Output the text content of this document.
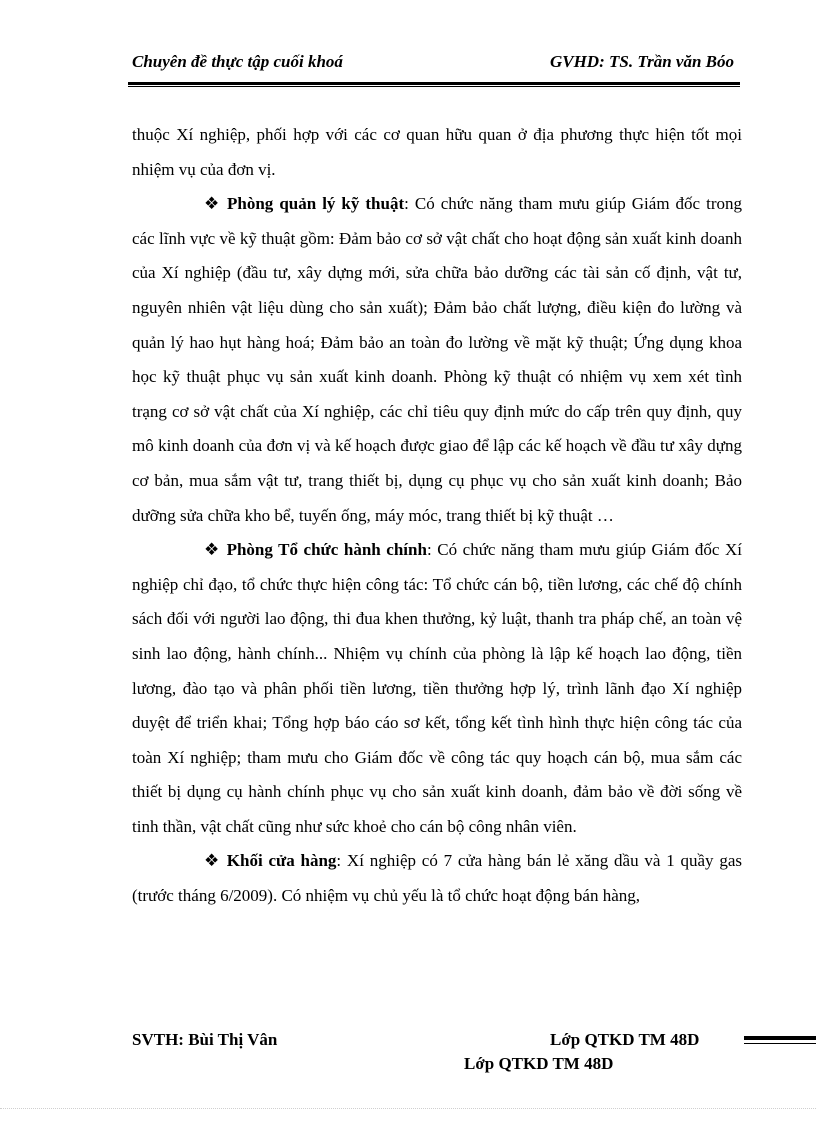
Chuyên đề thực tập cuối khoá	GVHD: TS. Trần văn Bóo

thuộc Xí nghiệp, phối hợp với các cơ quan hữu quan ở địa phương thực hiện tốt mọi nhiệm vụ của đơn vị.

❖ Phòng quản lý kỹ thuật: Có chức năng tham mưu giúp Giám đốc trong các lĩnh vực về kỹ thuật gồm: Đảm bảo cơ sở vật chất cho hoạt động sản xuất kinh doanh của Xí nghiệp (đầu tư, xây dựng mới, sửa chữa bảo dưỡng các tài sản cố định, vật tư, nguyên nhiên vật liệu dùng cho sản xuất); Đảm bảo chất lượng, điều kiện đo lường và quản lý hao hụt hàng hoá; Đảm bảo an toàn đo lường về mặt kỹ thuật; Ứng dụng khoa học kỹ thuật phục vụ sản xuất kinh doanh. Phòng kỹ thuật có nhiệm vụ xem xét tình trạng cơ sở vật chất của Xí nghiệp, các chỉ tiêu quy định mức do cấp trên quy định, quy mô kinh doanh của đơn vị và kế hoạch được giao để lập các kế hoạch về đầu tư xây dựng cơ bản, mua sắm vật tư, trang thiết bị, dụng cụ phục vụ cho sản xuất kinh doanh; Bảo dưỡng sửa chữa kho bể, tuyến ống, máy móc, trang thiết bị kỹ thuật …

❖ Phòng Tổ chức hành chính: Có chức năng tham mưu giúp Giám đốc Xí nghiệp chỉ đạo, tổ chức thực hiện công tác: Tổ chức cán bộ, tiền lương, các chế độ chính sách đối với người lao động, thi đua khen thưởng, kỷ luật, thanh tra pháp chế, an toàn vệ sinh lao động, hành chính... Nhiệm vụ chính của phòng là lập kế hoạch lao động, tiền lương, đào tạo và phân phối tiền lương, tiền thưởng hợp lý, trình lãnh đạo Xí nghiệp duyệt để triển khai; Tổng hợp báo cáo sơ kết, tổng kết tình hình thực hiện công tác của toàn Xí nghiệp; tham mưu cho Giám đốc về công tác quy hoạch cán bộ, mua sắm các thiết bị dụng cụ hành chính phục vụ cho sản xuất kinh doanh, đảm bảo về đời sống về tinh thần, vật chất cũng như sức khoẻ cho cán bộ công nhân viên.

❖ Khối cửa hàng: Xí nghiệp có 7 cửa hàng bán lẻ xăng dầu và 1 quầy gas (trước tháng 6/2009). Có nhiệm vụ chủ yếu là tổ chức hoạt động bán hàng,

SVTH: Bùi Thị Vân	Lớp QTKD TM 48D
Lớp QTKD TM 48D
